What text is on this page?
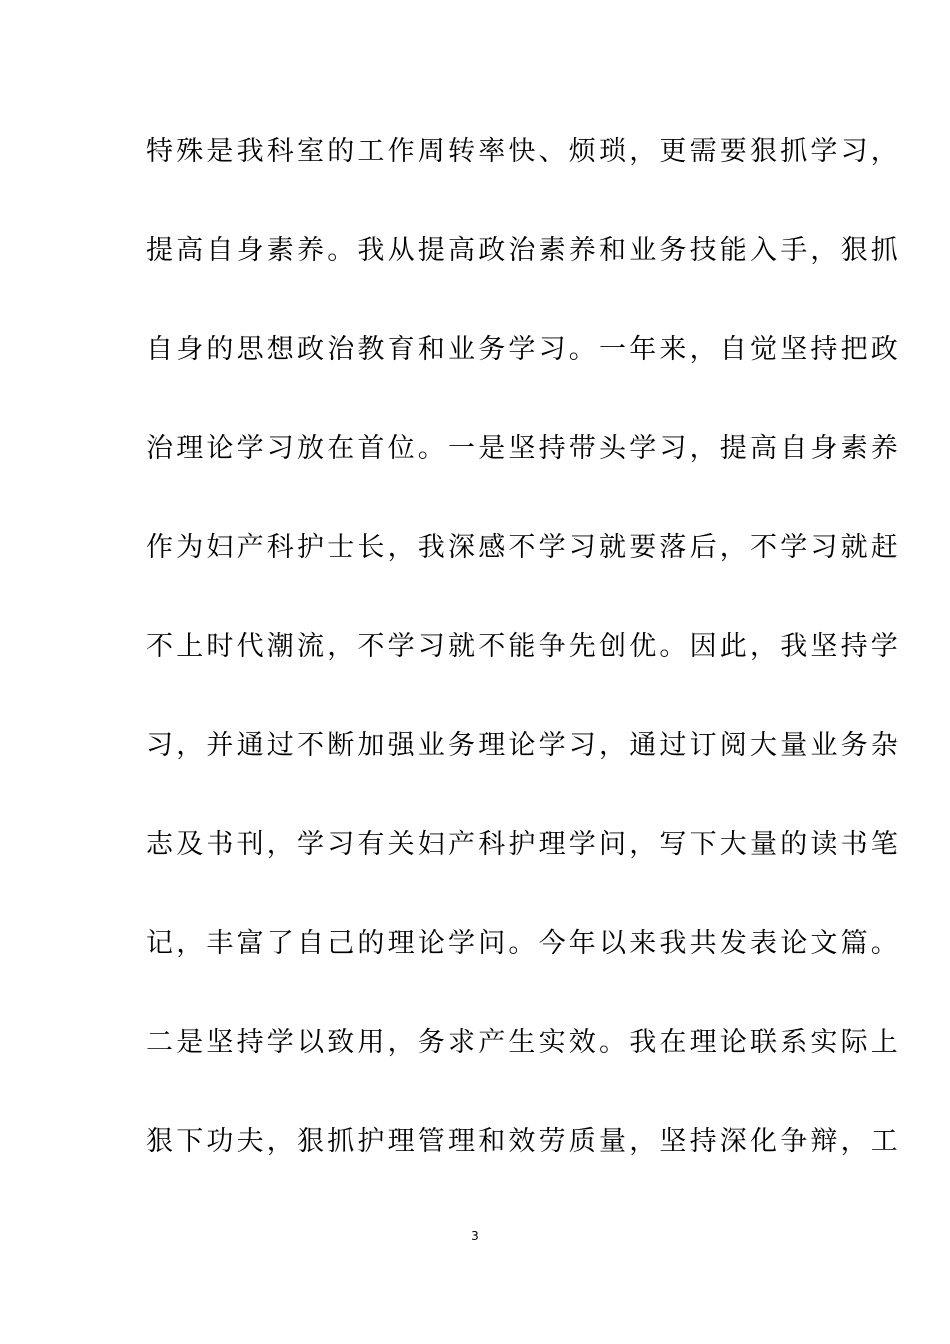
特殊是我科室的工作周转率快、烦琐，更需要狠抓学习，
提高自身素养。我从提高政治素养和业务技能入手，狠抓
自身的思想政治教育和业务学习。一年来，自觉坚持把政
治理论学习放在首位。一是坚持带头学习，提高自身素养
作为妇产科护士长，我深感不学习就要落后，不学习就赶
不上时代潮流，不学习就不能争先创优。因此，我坚持学
习，并通过不断加强业务理论学习，通过订阅大量业务杂
志及书刊，学习有关妇产科护理学问，写下大量的读书笔
记，丰富了自己的理论学问。今年以来我共发表论文篇。
二是坚持学以致用，务求产生实效。我在理论联系实际上
狠下功夫，狠抓护理管理和效劳质量，坚持深化争辩，工
3
